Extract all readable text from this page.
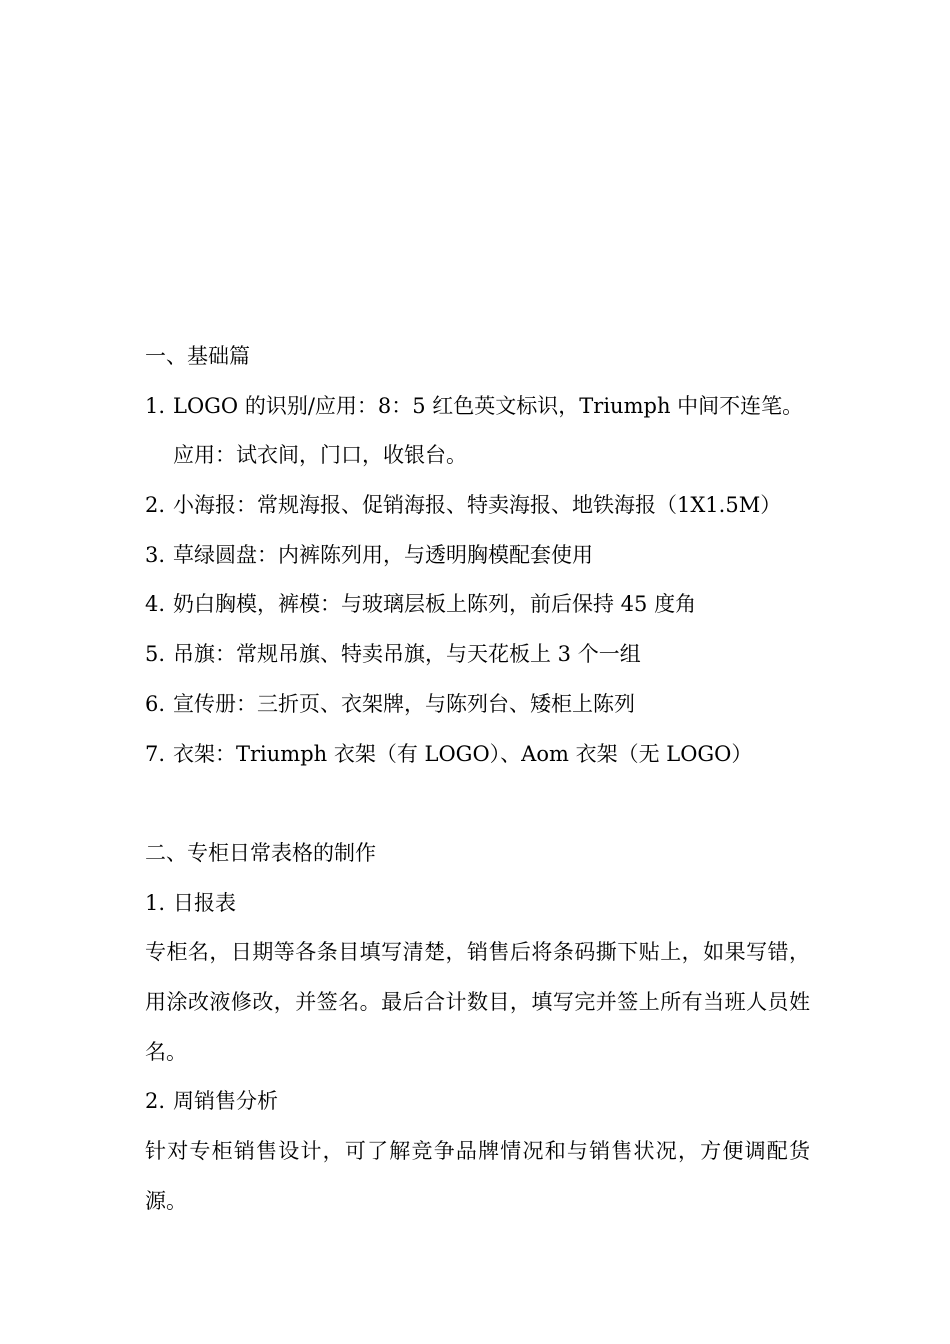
一、基础篇
1. LOGO 的识别/应用：8：5 红色英文标识，Triumph 中间不连笔。
应用：试衣间，门口，收银台。
2. 小海报：常规海报、促销海报、特卖海报、地铁海报（1X1.5M）
3. 草绿圆盘：内裤陈列用，与透明胸模配套使用
4. 奶白胸模，裤模：与玻璃层板上陈列，前后保持 45 度角
5. 吊旗：常规吊旗、特卖吊旗，与天花板上 3 个一组
6. 宣传册：三折页、衣架牌，与陈列台、矮柜上陈列
7. 衣架：Triumph 衣架（有 LOGO）、Aom 衣架（无 LOGO）
二、专柜日常表格的制作
1. 日报表
专柜名，日期等各条目填写清楚，销售后将条码撕下贴上，如果写错，用涂改液修改，并签名。最后合计数目，填写完并签上所有当班人员姓名。
2. 周销售分析
针对专柜销售设计，可了解竞争品牌情况和与销售状况，方便调配货源。
